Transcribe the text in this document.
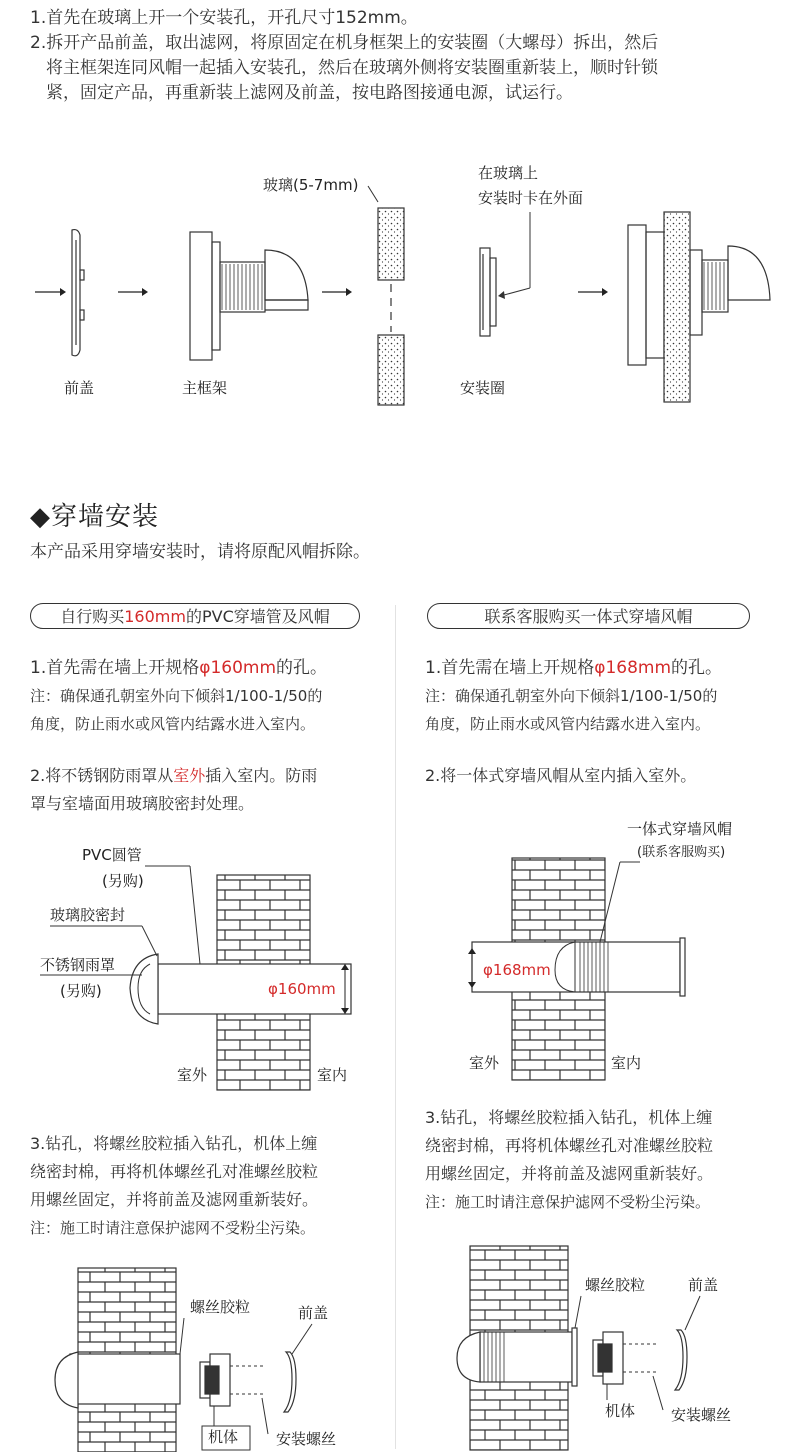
1.首先在玻璃上开一个安装孔，开孔尺寸152mm。

2.拆开产品前盖，取出滤网，将原固定在机身框架上的安装圈（大螺母）拆出，然后

将主框架连同风帽一起插入安装孔，然后在玻璃外侧将安装圈重新装上，顺时针锁

紧，固定产品，再重新装上滤网及前盖，按电路图接通电源，试运行。

前盖	主框架
玻璃(5-7mm)
在玻璃上
安装时卡在外面
安装圈
◆穿墙安装
本产品采用穿墙安装时，请将原配风帽拆除。
自行购买160mm的PVC穿墙管及风帽
1.首先需在墙上开规格φ160mm的孔。
注：确保通孔朝室外向下倾斜1/100-1/50的
角度，防止雨水或风管内结露水进入室内。
2.将不锈钢防雨罩从室外插入室内。防雨
罩与室墙面用玻璃胶密封处理。
φ160mm
PVC圆管
(另购)
玻璃胶密封
不锈钢雨罩
(另购)
室外	室内
3.钻孔，将螺丝胶粒插入钻孔，机体上缠
绕密封棉，再将机体螺丝孔对准螺丝胶粒
用螺丝固定，并将前盖及滤网重新装好。
注：施工时请注意保护滤网不受粉尘污染。
螺丝胶粒	前盖
机体	安装螺丝
联系客服购买一体式穿墙风帽
1.首先需在墙上开规格φ168mm的孔。
注：确保通孔朝室外向下倾斜1/100-1/50的
角度，防止雨水或风管内结露水进入室内。
2.将一体式穿墙风帽从室内插入室外。
φ168mm
一体式穿墙风帽
(联系客服购买)
室外	室内
3.钻孔，将螺丝胶粒插入钻孔，机体上缠
绕密封棉，再将机体螺丝孔对准螺丝胶粒
用螺丝固定，并将前盖及滤网重新装好。
注：施工时请注意保护滤网不受粉尘污染。
螺丝胶粒	前盖
机体 安装螺丝
